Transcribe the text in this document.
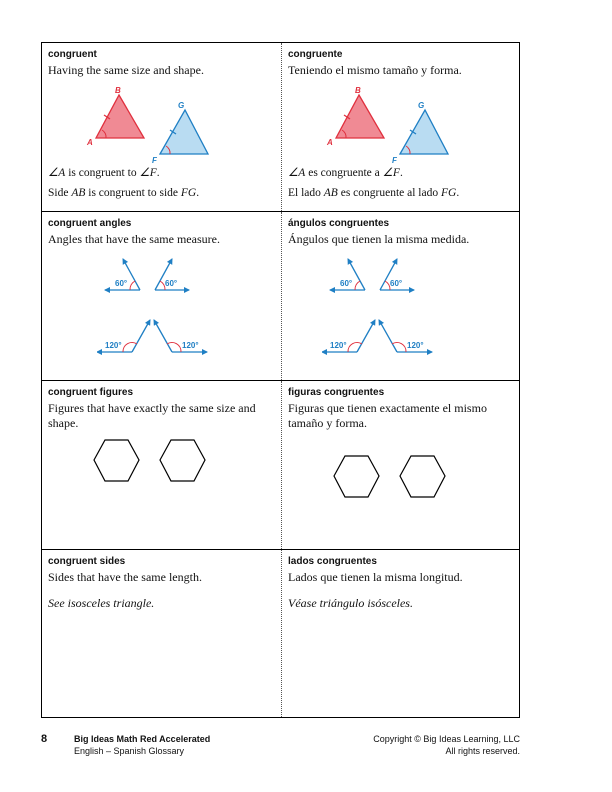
congruent

Having the same size and shape.

B
A
G
F

∠A is congruent to ∠F.

Side AB is congruent to side FG.

congruente

Teniendo el mismo tamaño y forma.

B
A
G
F

∠A es congruente a ∠F.

El lado AB es congruente al lado FG.

congruent angles

Angles that have the same measure.

60°	60°
120°	120°

ángulos congruentes

Ángulos que tienen la misma medida.

60°	60°
120°	120°

congruent figures

Figures that have exactly the same size and shape.

figuras congruentes

Figuras que tienen exactamente el mismo tamaño y forma.

congruent sides

Sides that have the same length.

See isosceles triangle.

lados congruentes

Lados que tienen la misma longitud.

Véase triángulo isósceles.

8	Big Ideas Math Red Accelerated
English – Spanish Glossary
Copyright © Big Ideas Learning, LLC
All rights reserved.
